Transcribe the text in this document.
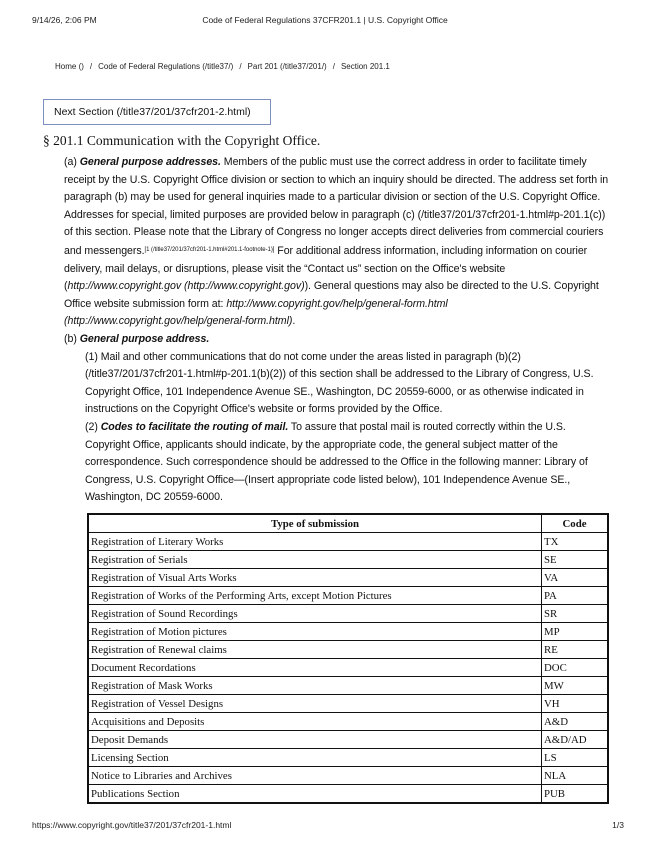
9/14/26, 2:06 PM	Code of Federal Regulations 37CFR201.1 | U.S. Copyright Office
Home () / Code of Federal Regulations (/title37/) / Part 201 (/title37/201/) / Section 201.1
Next Section (/title37/201/37cfr201-2.html)
§ 201.1 Communication with the Copyright Office.

(a) General purpose addresses. Members of the public must use the correct address in order to facilitate timely receipt by the U.S. Copyright Office division or section to which an inquiry should be directed. The address set forth in paragraph (b) may be used for general inquiries made to a particular division or section of the U.S. Copyright Office. Addresses for special, limited purposes are provided below in paragraph (c) (/title37/201/37cfr201-1.html#p-201.1(c)) of this section. Please note that the Library of Congress no longer accepts direct deliveries from commercial couriers and messengers.[1 (/title37/201/37cfr201-1.html#201.1-footnote-1)] For additional address information, including information on courier delivery, mail delays, or disruptions, please visit the “Contact us” section on the Office's website (http://www.copyright.gov (http://www.copyright.gov)). General questions may also be directed to the U.S. Copyright Office website submission form at: http://www.copyright.gov/help/general-form.html (http://www.copyright.gov/help/general-form.html).

(b) General purpose address.

(1) Mail and other communications that do not come under the areas listed in paragraph (b)(2) (/title37/201/37cfr201-1.html#p-201.1(b)(2)) of this section shall be addressed to the Library of Congress, U.S. Copyright Office, 101 Independence Avenue SE., Washington, DC 20559-6000, or as otherwise indicated in instructions on the Copyright Office's website or forms provided by the Office.

(2) Codes to facilitate the routing of mail. To assure that postal mail is routed correctly within the U.S. Copyright Office, applicants should indicate, by the appropriate code, the general subject matter of the correspondence. Such correspondence should be addressed to the Office in the following manner: Library of Congress, U.S. Copyright Office—(Insert appropriate code listed below), 101 Independence Avenue SE., Washington, DC 20559-6000.

Type of submission	Code
Registration of Literary Works	TX
Registration of Serials	SE
Registration of Visual Arts Works	VA
Registration of Works of the Performing Arts, except Motion Pictures	PA
Registration of Sound Recordings	SR
Registration of Motion pictures	MP
Registration of Renewal claims	RE
Document Recordations	DOC
Registration of Mask Works	MW
Registration of Vessel Designs	VH
Acquisitions and Deposits	A&D
Deposit Demands	A&D/AD
Licensing Section	LS
Notice to Libraries and Archives	NLA
Publications Section	PUB
https://www.copyright.gov/title37/201/37cfr201-1.html	1/3
